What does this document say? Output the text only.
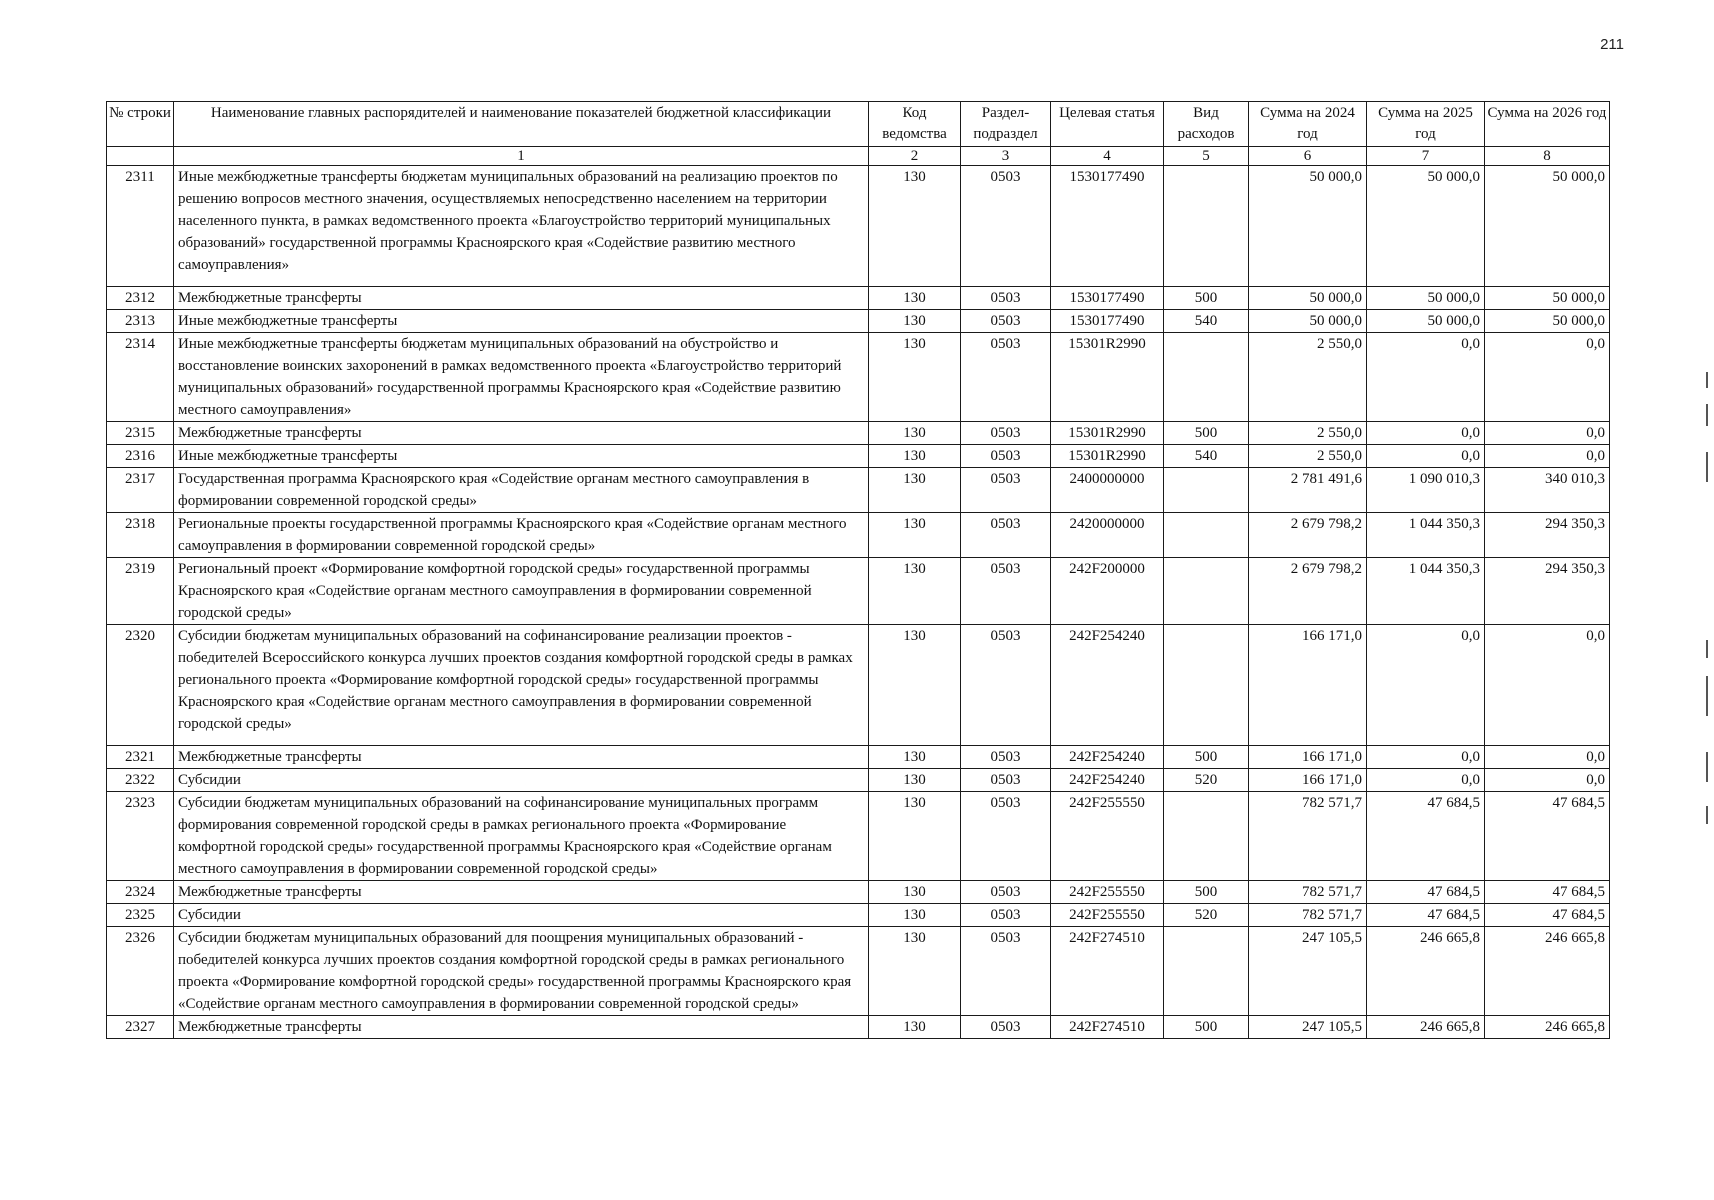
211
№ строки	Наименование главных распорядителей и наименование показателей бюджетной классификации	Код ведомства	Раздел-подраздел	Целевая статья	Вид расходов	Сумма на 2024 год	Сумма на 2025 год	Сумма на 2026 год
	1	2	3	4	5	6	7	8
2311	Иные межбюджетные трансферты бюджетам муниципальных образований на реализацию проектов по решению вопросов местного значения, осуществляемых непосредственно населением на территории населенного пункта, в рамках ведомственного проекта «Благоустройство территорий муниципальных образований» государственной программы Красноярского края «Содействие развитию местного самоуправления»	130	0503	1530177490		50 000,0	50 000,0	50 000,0
2312	Межбюджетные трансферты	130	0503	1530177490	500	50 000,0	50 000,0	50 000,0
2313	Иные межбюджетные трансферты	130	0503	1530177490	540	50 000,0	50 000,0	50 000,0
2314	Иные межбюджетные трансферты бюджетам муниципальных образований на обустройство и восстановление воинских захоронений в рамках ведомственного проекта «Благоустройство территорий муниципальных образований» государственной программы Красноярского края «Содействие развитию местного самоуправления»	130	0503	15301R2990		2 550,0	0,0	0,0
2315	Межбюджетные трансферты	130	0503	15301R2990	500	2 550,0	0,0	0,0
2316	Иные межбюджетные трансферты	130	0503	15301R2990	540	2 550,0	0,0	0,0
2317	Государственная программа Красноярского края «Содействие органам местного самоуправления в формировании современной городской среды»	130	0503	2400000000		2 781 491,6	1 090 010,3	340 010,3
2318	Региональные проекты государственной программы Красноярского края «Содействие органам местного самоуправления в формировании современной городской среды»	130	0503	2420000000		2 679 798,2	1 044 350,3	294 350,3
2319	Региональный проект «Формирование комфортной городской среды» государственной программы Красноярского края «Содействие органам местного самоуправления в формировании современной городской среды»	130	0503	242F200000		2 679 798,2	1 044 350,3	294 350,3
2320	Субсидии бюджетам муниципальных образований на софинансирование реализации проектов - победителей Всероссийского конкурса лучших проектов создания комфортной городской среды в рамках регионального проекта «Формирование комфортной городской среды» государственной программы Красноярского края «Содействие органам местного самоуправления в формировании современной городской среды»	130	0503	242F254240		166 171,0	0,0	0,0
2321	Межбюджетные трансферты	130	0503	242F254240	500	166 171,0	0,0	0,0
2322	Субсидии	130	0503	242F254240	520	166 171,0	0,0	0,0
2323	Субсидии бюджетам муниципальных образований на софинансирование муниципальных программ формирования современной городской среды в рамках регионального проекта «Формирование комфортной городской среды» государственной программы Красноярского края «Содействие органам местного самоуправления в формировании современной городской среды»	130	0503	242F255550		782 571,7	47 684,5	47 684,5
2324	Межбюджетные трансферты	130	0503	242F255550	500	782 571,7	47 684,5	47 684,5
2325	Субсидии	130	0503	242F255550	520	782 571,7	47 684,5	47 684,5
2326	Субсидии бюджетам муниципальных образований для поощрения муниципальных образований - победителей конкурса лучших проектов создания комфортной городской среды в рамках регионального проекта «Формирование комфортной городской среды» государственной программы Красноярского края «Содействие органам местного самоуправления в формировании современной городской среды»	130	0503	242F274510		247 105,5	246 665,8	246 665,8
2327	Межбюджетные трансферты	130	0503	242F274510	500	247 105,5	246 665,8	246 665,8
